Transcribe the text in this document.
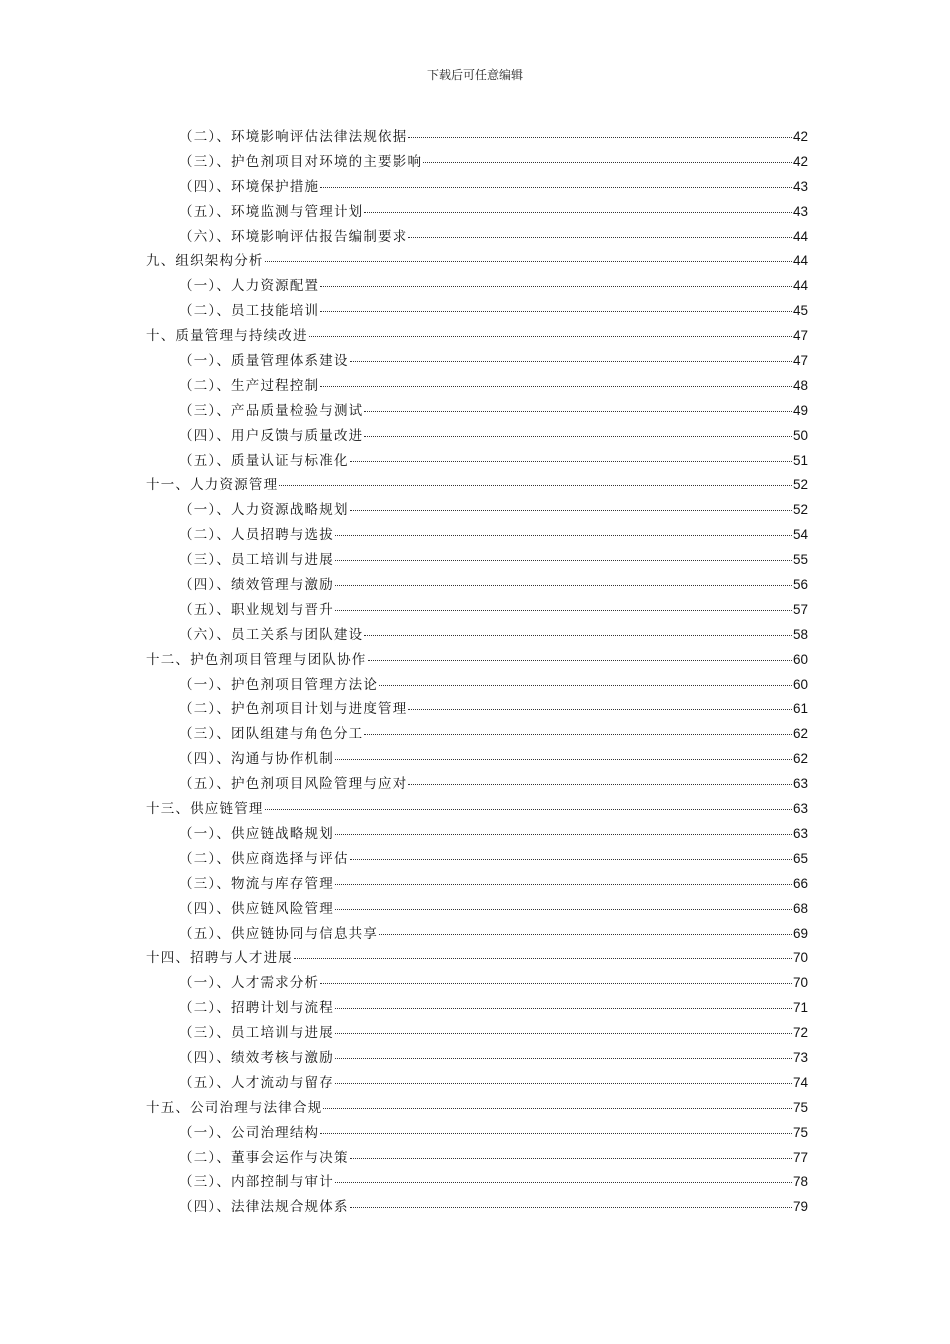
下载后可任意编辑
（二）、环境影响评估法律法规依据	42
（三）、护色剂项目对环境的主要影响	42
（四）、环境保护措施	43
（五）、环境监测与管理计划	43
（六）、环境影响评估报告编制要求	44
九、组织架构分析	44
（一）、人力资源配置	44
（二）、员工技能培训	45
十、质量管理与持续改进	47
（一）、质量管理体系建设	47
（二）、生产过程控制	48
（三）、产品质量检验与测试	49
（四）、用户反馈与质量改进	50
（五）、质量认证与标准化	51
十一、人力资源管理	52
（一）、人力资源战略规划	52
（二）、人员招聘与选拔	54
（三）、员工培训与进展	55
（四）、绩效管理与激励	56
（五）、职业规划与晋升	57
（六）、员工关系与团队建设	58
十二、护色剂项目管理与团队协作	60
（一）、护色剂项目管理方法论	60
（二）、护色剂项目计划与进度管理	61
（三）、团队组建与角色分工	62
（四）、沟通与协作机制	62
（五）、护色剂项目风险管理与应对	63
十三、供应链管理	63
（一）、供应链战略规划	63
（二）、供应商选择与评估	65
（三）、物流与库存管理	66
（四）、供应链风险管理	68
（五）、供应链协同与信息共享	69
十四、招聘与人才进展	70
（一）、人才需求分析	70
（二）、招聘计划与流程	71
（三）、员工培训与进展	72
（四）、绩效考核与激励	73
（五）、人才流动与留存	74
十五、公司治理与法律合规	75
（一）、公司治理结构	75
（二）、董事会运作与决策	77
（三）、内部控制与审计	78
（四）、法律法规合规体系	79
